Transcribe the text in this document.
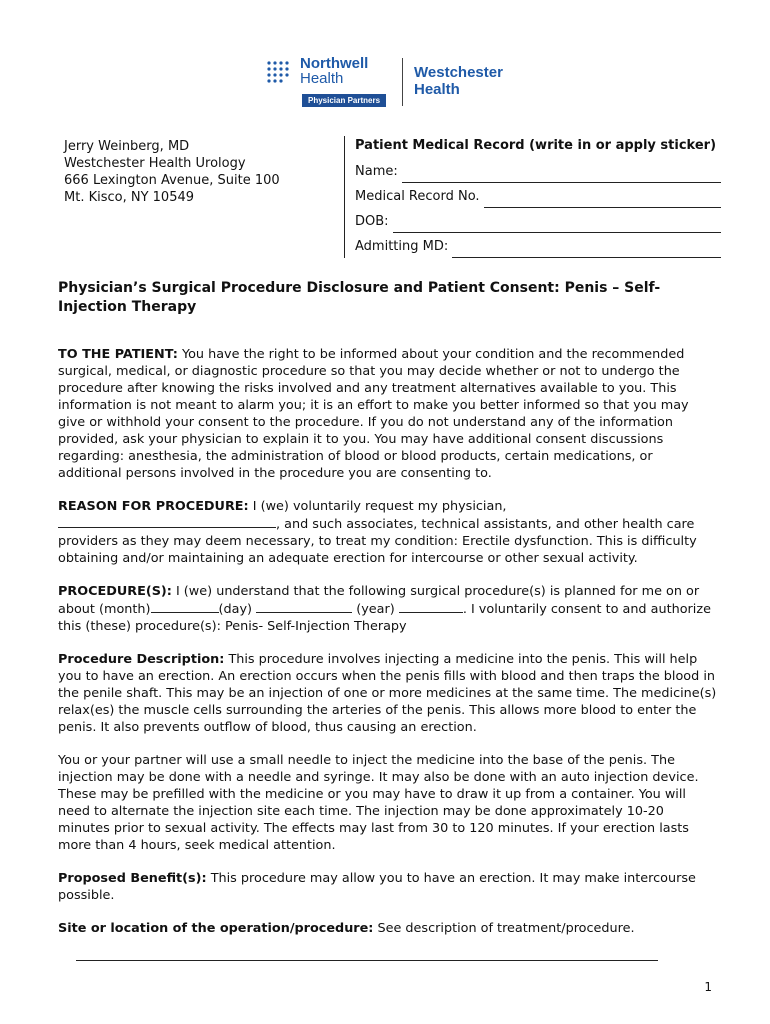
Northwell
Health
Physician Partners
Westchester
Health
Jerry Weinberg, MD
Westchester Health Urology
666 Lexington Avenue, Suite 100
Mt. Kisco, NY 10549
Patient Medical Record (write in or apply sticker)
Name:
Medical Record No.
DOB:
Admitting MD:
Physician’s Surgical Procedure Disclosure and Patient Consent: Penis – Self-Injection Therapy

TO THE PATIENT: You have the right to be informed about your condition and the recommended surgical, medical, or diagnostic procedure so that you may decide whether or not to undergo the procedure after knowing the risks involved and any treatment alternatives available to you. This information is not meant to alarm you; it is an effort to make you better informed so that you may give or withhold your consent to the procedure. If you do not understand any of the information provided, ask your physician to explain it to you. You may have additional consent discussions regarding: anesthesia, the administration of blood or blood products, certain medications, or additional persons involved in the procedure you are consenting to.

REASON FOR PROCEDURE: I (we) voluntarily request my physician,, and such associates, technical assistants, and other health care providers as they may deem necessary, to treat my condition: Erectile dysfunction. This is difficulty obtaining and/or maintaining an adequate erection for intercourse or other sexual activity.

PROCEDURE(S): I (we) understand that the following surgical procedure(s) is planned for me on or about (month)	(day)	(year)	. I voluntarily consent to and authorize this (these) procedure(s): Penis- Self-Injection Therapy

Procedure Description: This procedure involves injecting a medicine into the penis. This will help you to have an erection. An erection occurs when the penis fills with blood and then traps the blood in the penile shaft. This may be an injection of one or more medicines at the same time. The medicine(s) relax(es) the muscle cells surrounding the arteries of the penis. This allows more blood to enter the penis. It also prevents outflow of blood, thus causing an erection.

You or your partner will use a small needle to inject the medicine into the base of the penis. The injection may be done with a needle and syringe. It may also be done with an auto injection device. These may be prefilled with the medicine or you may have to draw it up from a container. You will need to alternate the injection site each time. The injection may be done approximately 10-20 minutes prior to sexual activity. The effects may last from 30 to 120 minutes. If your erection lasts more than 4 hours, seek medical attention.

Proposed Benefit(s): This procedure may allow you to have an erection. It may make intercourse possible.

Site or location of the operation/procedure: See description of treatment/procedure.

1
